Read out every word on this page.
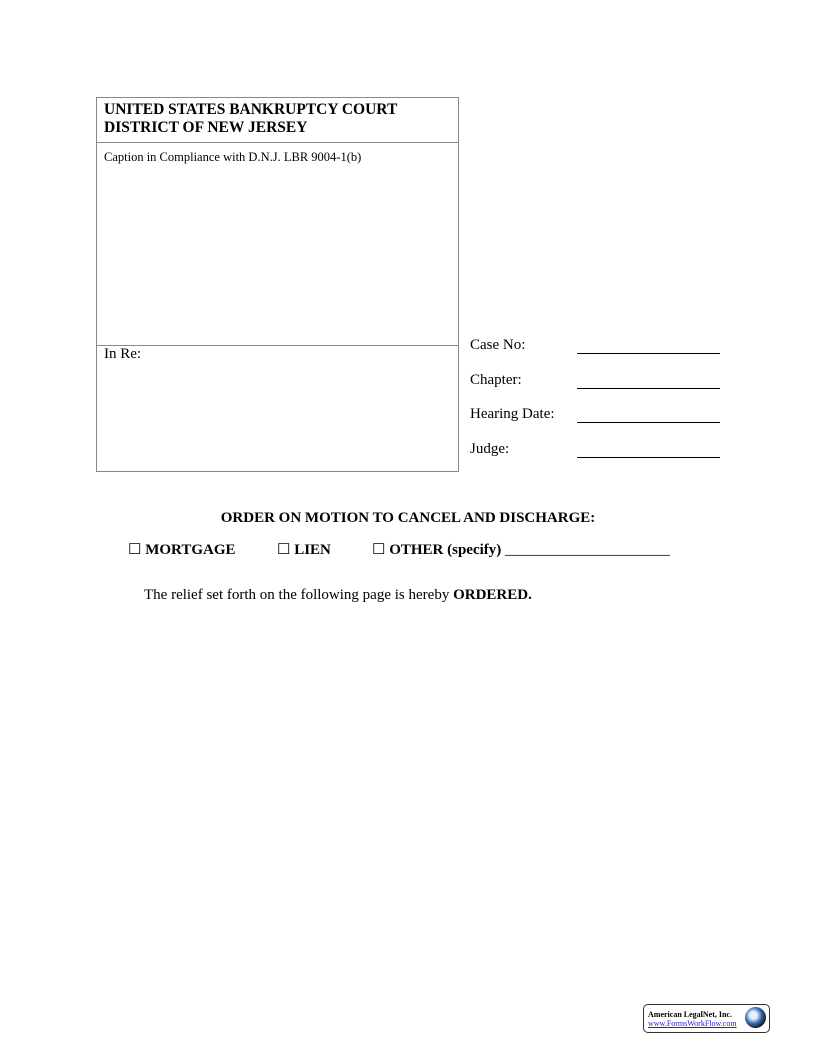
UNITED STATES BANKRUPTCY COURT
DISTRICT OF NEW JERSEY
Caption in Compliance with D.N.J. LBR 9004-1(b)
In Re:
Case No:
Chapter:
Hearing Date:
Judge:
ORDER ON MOTION TO CANCEL AND DISCHARGE:
☐ MORTGAGE	☐ LIEN	☐ OTHER (specify) ______________________
The relief set forth on the following page is hereby ORDERED.
American LegalNet, Inc.
www.FormsWorkFlow.com
